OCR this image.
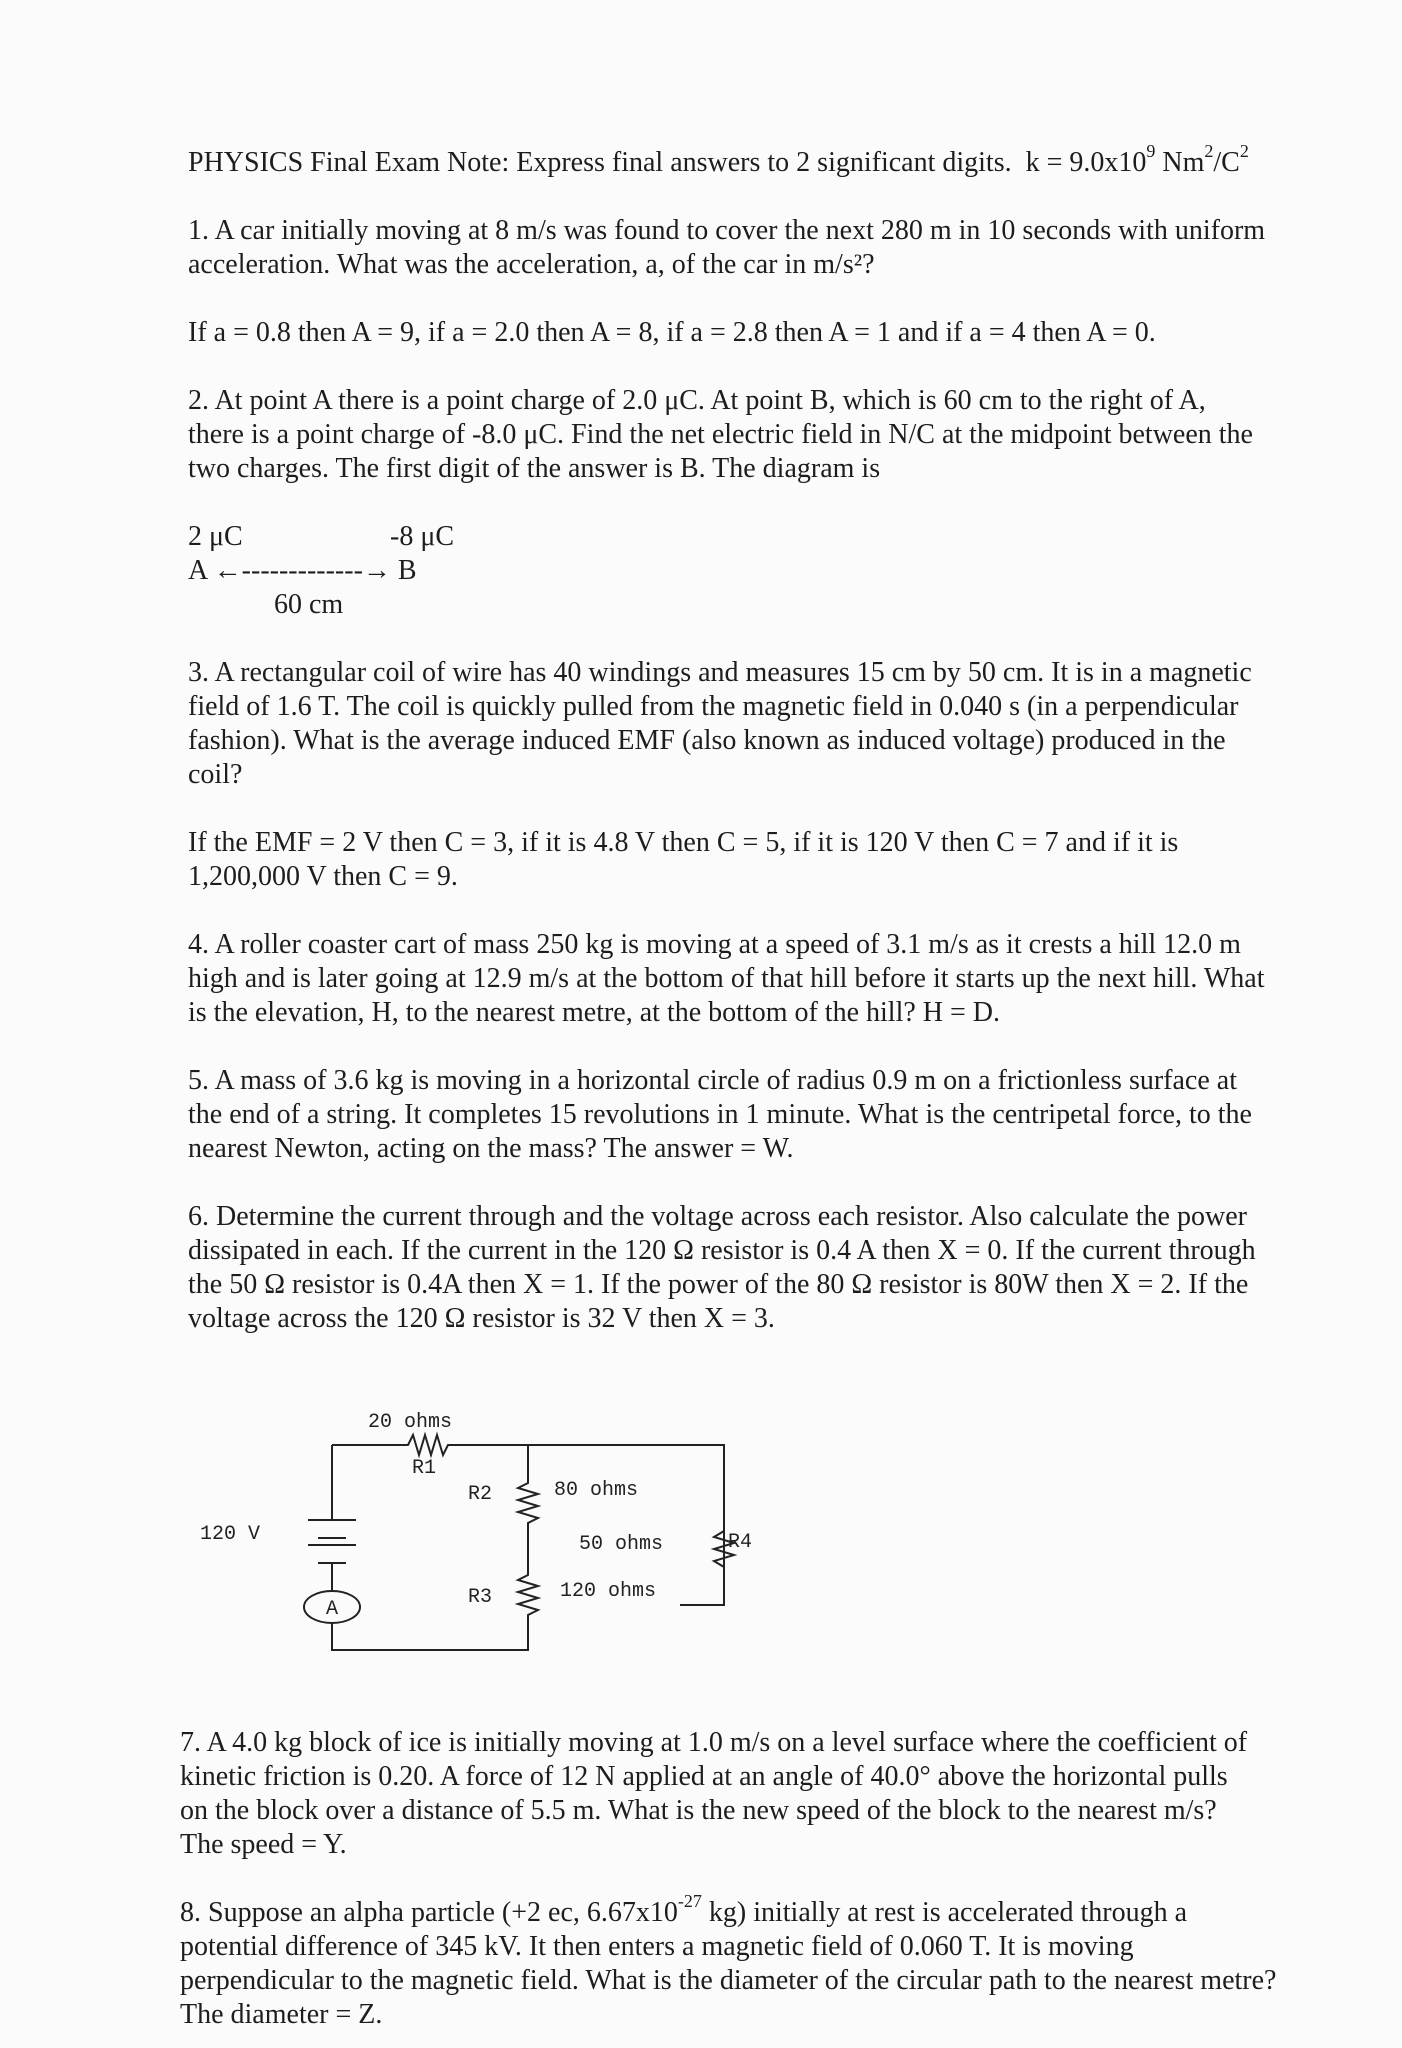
PHYSICS Final Exam Note: Express final answers to 2 significant digits. $k = 9.0x10^9$ $Nm^2/C^2$
1. A car initially moving at 8 m/s was found to cover the next 280 m in 10 seconds with uniform
acceleration. What was the acceleration, a, of the car in m/s²?
If a = 0.8 then A = 9, if a = 2.0 then A = 8, if a = 2.8 then A = 1 and if a = 4 then A = 0.
2. At point A there is a point charge of 2.0 μC. At point B, which is 60 cm to the right of A,
there is a point charge of -8.0 μC. Find the net electric field in N/C at the midpoint between the
two charges. The first digit of the answer is B. The diagram is
2 μC	-8 μC
A ←-------------→ B
60 cm
3. A rectangular coil of wire has 40 windings and measures 15 cm by 50 cm. It is in a magnetic
field of 1.6 T. The coil is quickly pulled from the magnetic field in 0.040 s (in a perpendicular
fashion). What is the average induced EMF (also known as induced voltage) produced in the
coil?
If the EMF = 2 V then C = 3, if it is 4.8 V then C = 5, if it is 120 V then C = 7 and if it is
1,200,000 V then C = 9.
4. A roller coaster cart of mass 250 kg is moving at a speed of 3.1 m/s as it crests a hill 12.0 m
high and is later going at 12.9 m/s at the bottom of that hill before it starts up the next hill. What
is the elevation, H, to the nearest metre, at the bottom of the hill? H = D.
5. A mass of 3.6 kg is moving in a horizontal circle of radius 0.9 m on a frictionless surface at
the end of a string. It completes 15 revolutions in 1 minute. What is the centripetal force, to the
nearest Newton, acting on the mass? The answer = W.
6. Determine the current through and the voltage across each resistor. Also calculate the power
dissipated in each. If the current in the 120 Ω resistor is 0.4 A then X = 0. If the current through
the 50 Ω resistor is 0.4A then X = 1. If the power of the 80 Ω resistor is 80W then X = 2. If the
voltage across the 120 Ω resistor is 32 V then X = 3.
20 ohms
R1
R2	80 ohms
120 V	50 ohms	R4
R3	120 ohms
A
7. A 4.0 kg block of ice is initially moving at 1.0 m/s on a level surface where the coefficient of
kinetic friction is 0.20. A force of 12 N applied at an angle of 40.0° above the horizontal pulls
on the block over a distance of 5.5 m. What is the new speed of the block to the nearest m/s?
The speed = Y.
8. Suppose an alpha particle (+2 ec, $6.67x10^{-27}$ kg) initially at rest is accelerated through a
potential difference of 345 kV. It then enters a magnetic field of 0.060 T. It is moving
perpendicular to the magnetic field. What is the diameter of the circular path to the nearest metre?
The diameter = Z.
